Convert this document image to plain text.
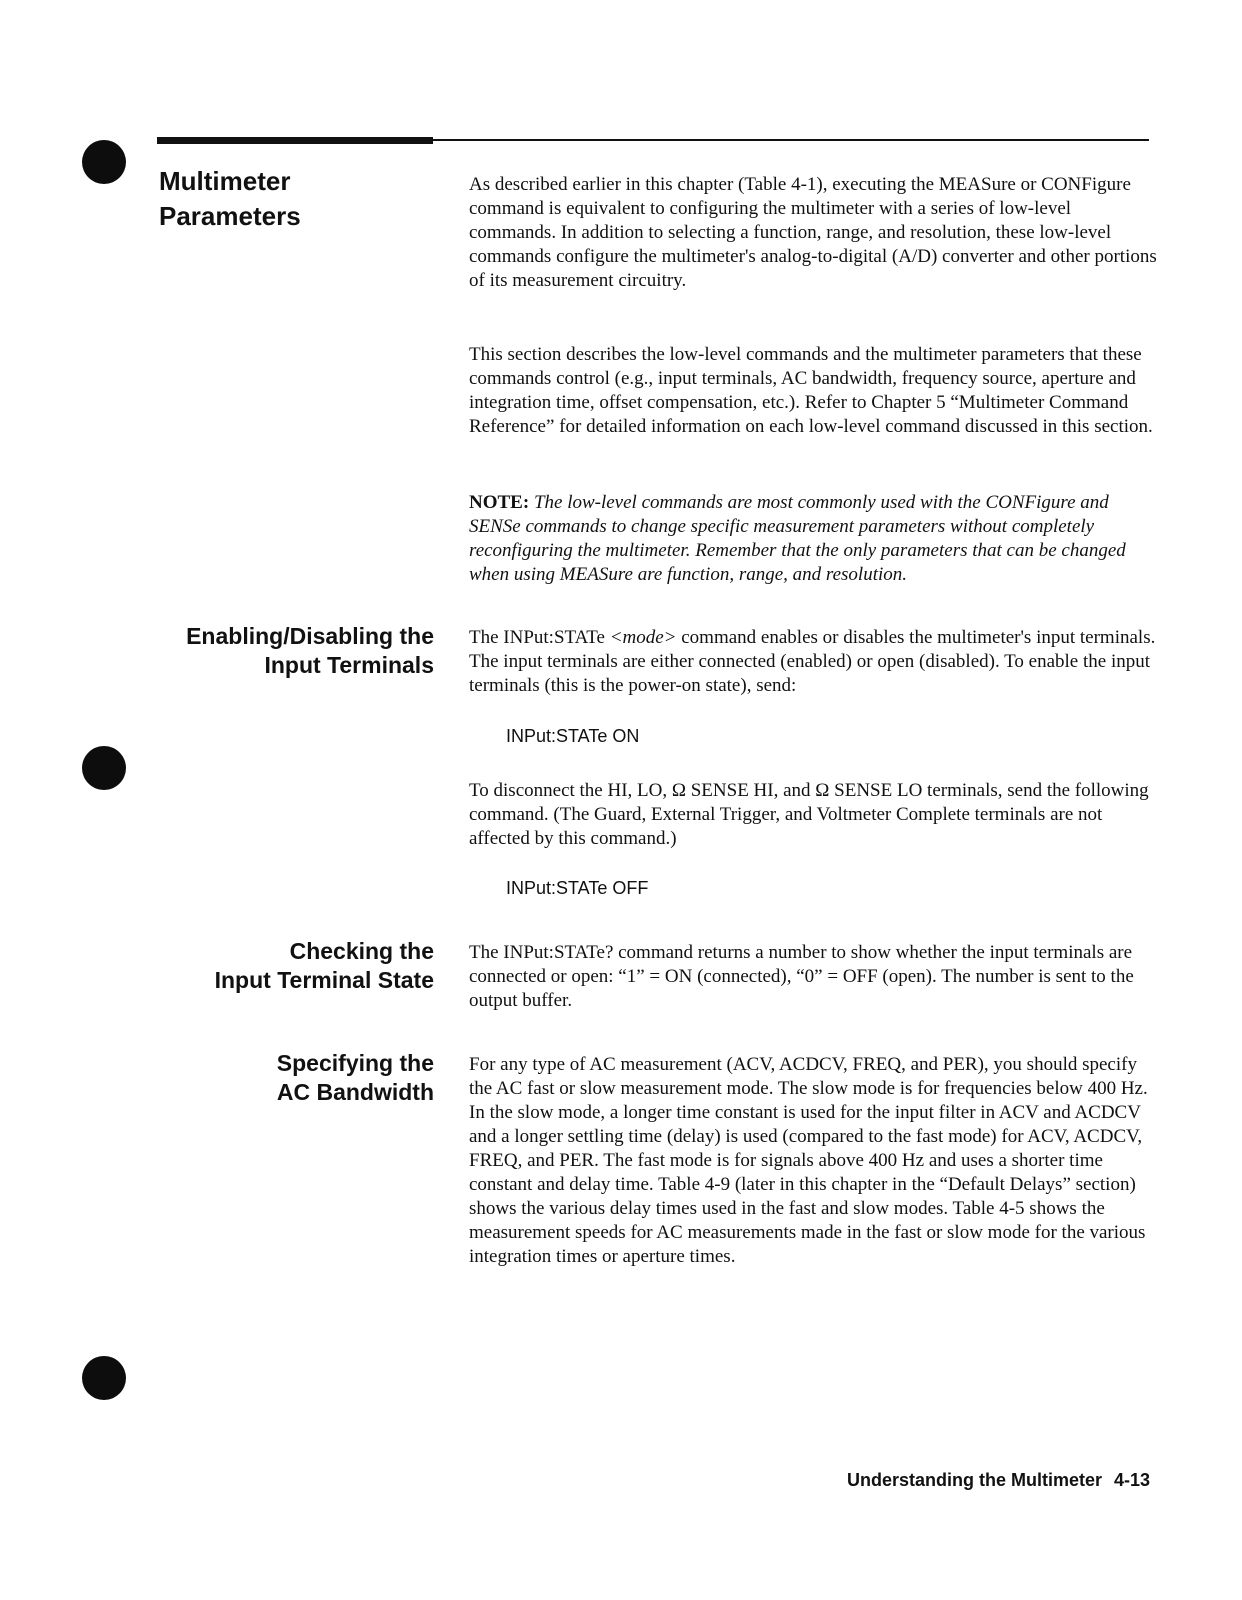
Multimeter
Parameters

As described earlier in this chapter (Table 4-1), executing the MEASure or CONFigure command is equivalent to configuring the multimeter with a series of low-level commands. In addition to selecting a function, range, and resolution, these low-level commands configure the multimeter's analog-to-digital (A/D) converter and other portions of its measurement circuitry.

This section describes the low-level commands and the multimeter parameters that these commands control (e.g., input terminals, AC bandwidth, frequency source, aperture and integration time, offset compensation, etc.). Refer to Chapter 5 “Multimeter Command Reference” for detailed information on each low-level command discussed in this section.

NOTE: The low-level commands are most commonly used with the CONFigure and SENSe commands to change specific measurement parameters without completely reconfiguring the multimeter. Remember that the only parameters that can be changed when using MEASure are function, range, and resolution.

Enabling/Disabling the
Input Terminals

The INPut:STATe <mode> command enables or disables the multimeter's input terminals. The input terminals are either connected (enabled) or open (disabled). To enable the input terminals (this is the power-on state), send:

INPut:STATe ON

To disconnect the HI, LO, Ω SENSE HI, and Ω SENSE LO terminals, send the following command. (The Guard, External Trigger, and Voltmeter Complete terminals are not affected by this command.)

INPut:STATe OFF

Checking the
Input Terminal State

The INPut:STATe? command returns a number to show whether the input terminals are connected or open: “1” = ON (connected), “0” = OFF (open). The number is sent to the output buffer.

Specifying the
AC Bandwidth

For any type of AC measurement (ACV, ACDCV, FREQ, and PER), you should specify the AC fast or slow measurement mode. The slow mode is for frequencies below 400 Hz. In the slow mode, a longer time constant is used for the input filter in ACV and ACDCV and a longer settling time (delay) is used (compared to the fast mode) for ACV, ACDCV, FREQ, and PER. The fast mode is for signals above 400 Hz and uses a shorter time constant and delay time. Table 4-9 (later in this chapter in the “Default Delays” section) shows the various delay times used in the fast and slow modes. Table 4-5 shows the measurement speeds for AC measurements made in the fast or slow mode for the various integration times or aperture times.

Understanding the Multimeter 4-13
